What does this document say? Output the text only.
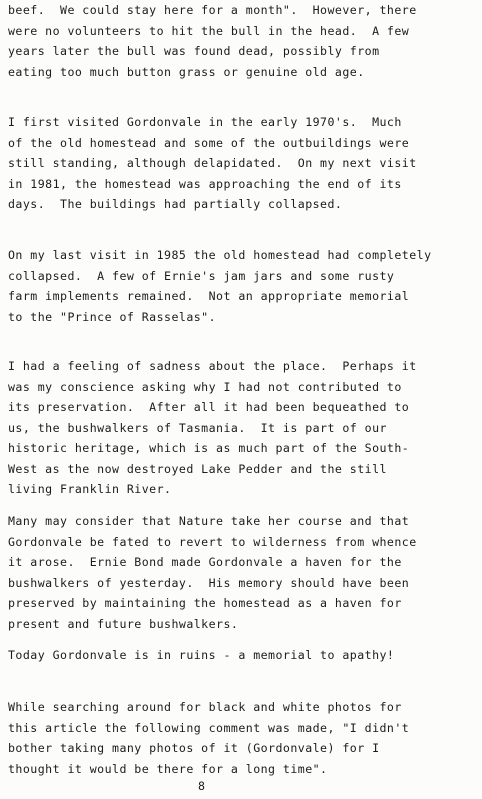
beef.  We could stay here for a month".  However, there
were no volunteers to hit the bull in the head.  A few
years later the bull was found dead, possibly from
eating too much button grass or genuine old age.
I first visited Gordonvale in the early 1970's.  Much
of the old homestead and some of the outbuildings were
still standing, although delapidated.  On my next visit
in 1981, the homestead was approaching the end of its
days.  The buildings had partially collapsed.
On my last visit in 1985 the old homestead had completely
collapsed.  A few of Ernie's jam jars and some rusty
farm implements remained.  Not an appropriate memorial
to the "Prince of Rasselas".
I had a feeling of sadness about the place.  Perhaps it
was my conscience asking why I had not contributed to
its preservation.  After all it had been bequeathed to
us, the bushwalkers of Tasmania.  It is part of our
historic heritage, which is as much part of the South-
West as the now destroyed Lake Pedder and the still
living Franklin River.
Many may consider that Nature take her course and that
Gordonvale be fated to revert to wilderness from whence
it arose.  Ernie Bond made Gordonvale a haven for the
bushwalkers of yesterday.  His memory should have been
preserved by maintaining the homestead as a haven for
present and future bushwalkers.
Today Gordonvale is in ruins - a memorial to apathy!
While searching around for black and white photos for
this article the following comment was made, "I didn't
bother taking many photos of it (Gordonvale) for I
thought it would be there for a long time".
8
